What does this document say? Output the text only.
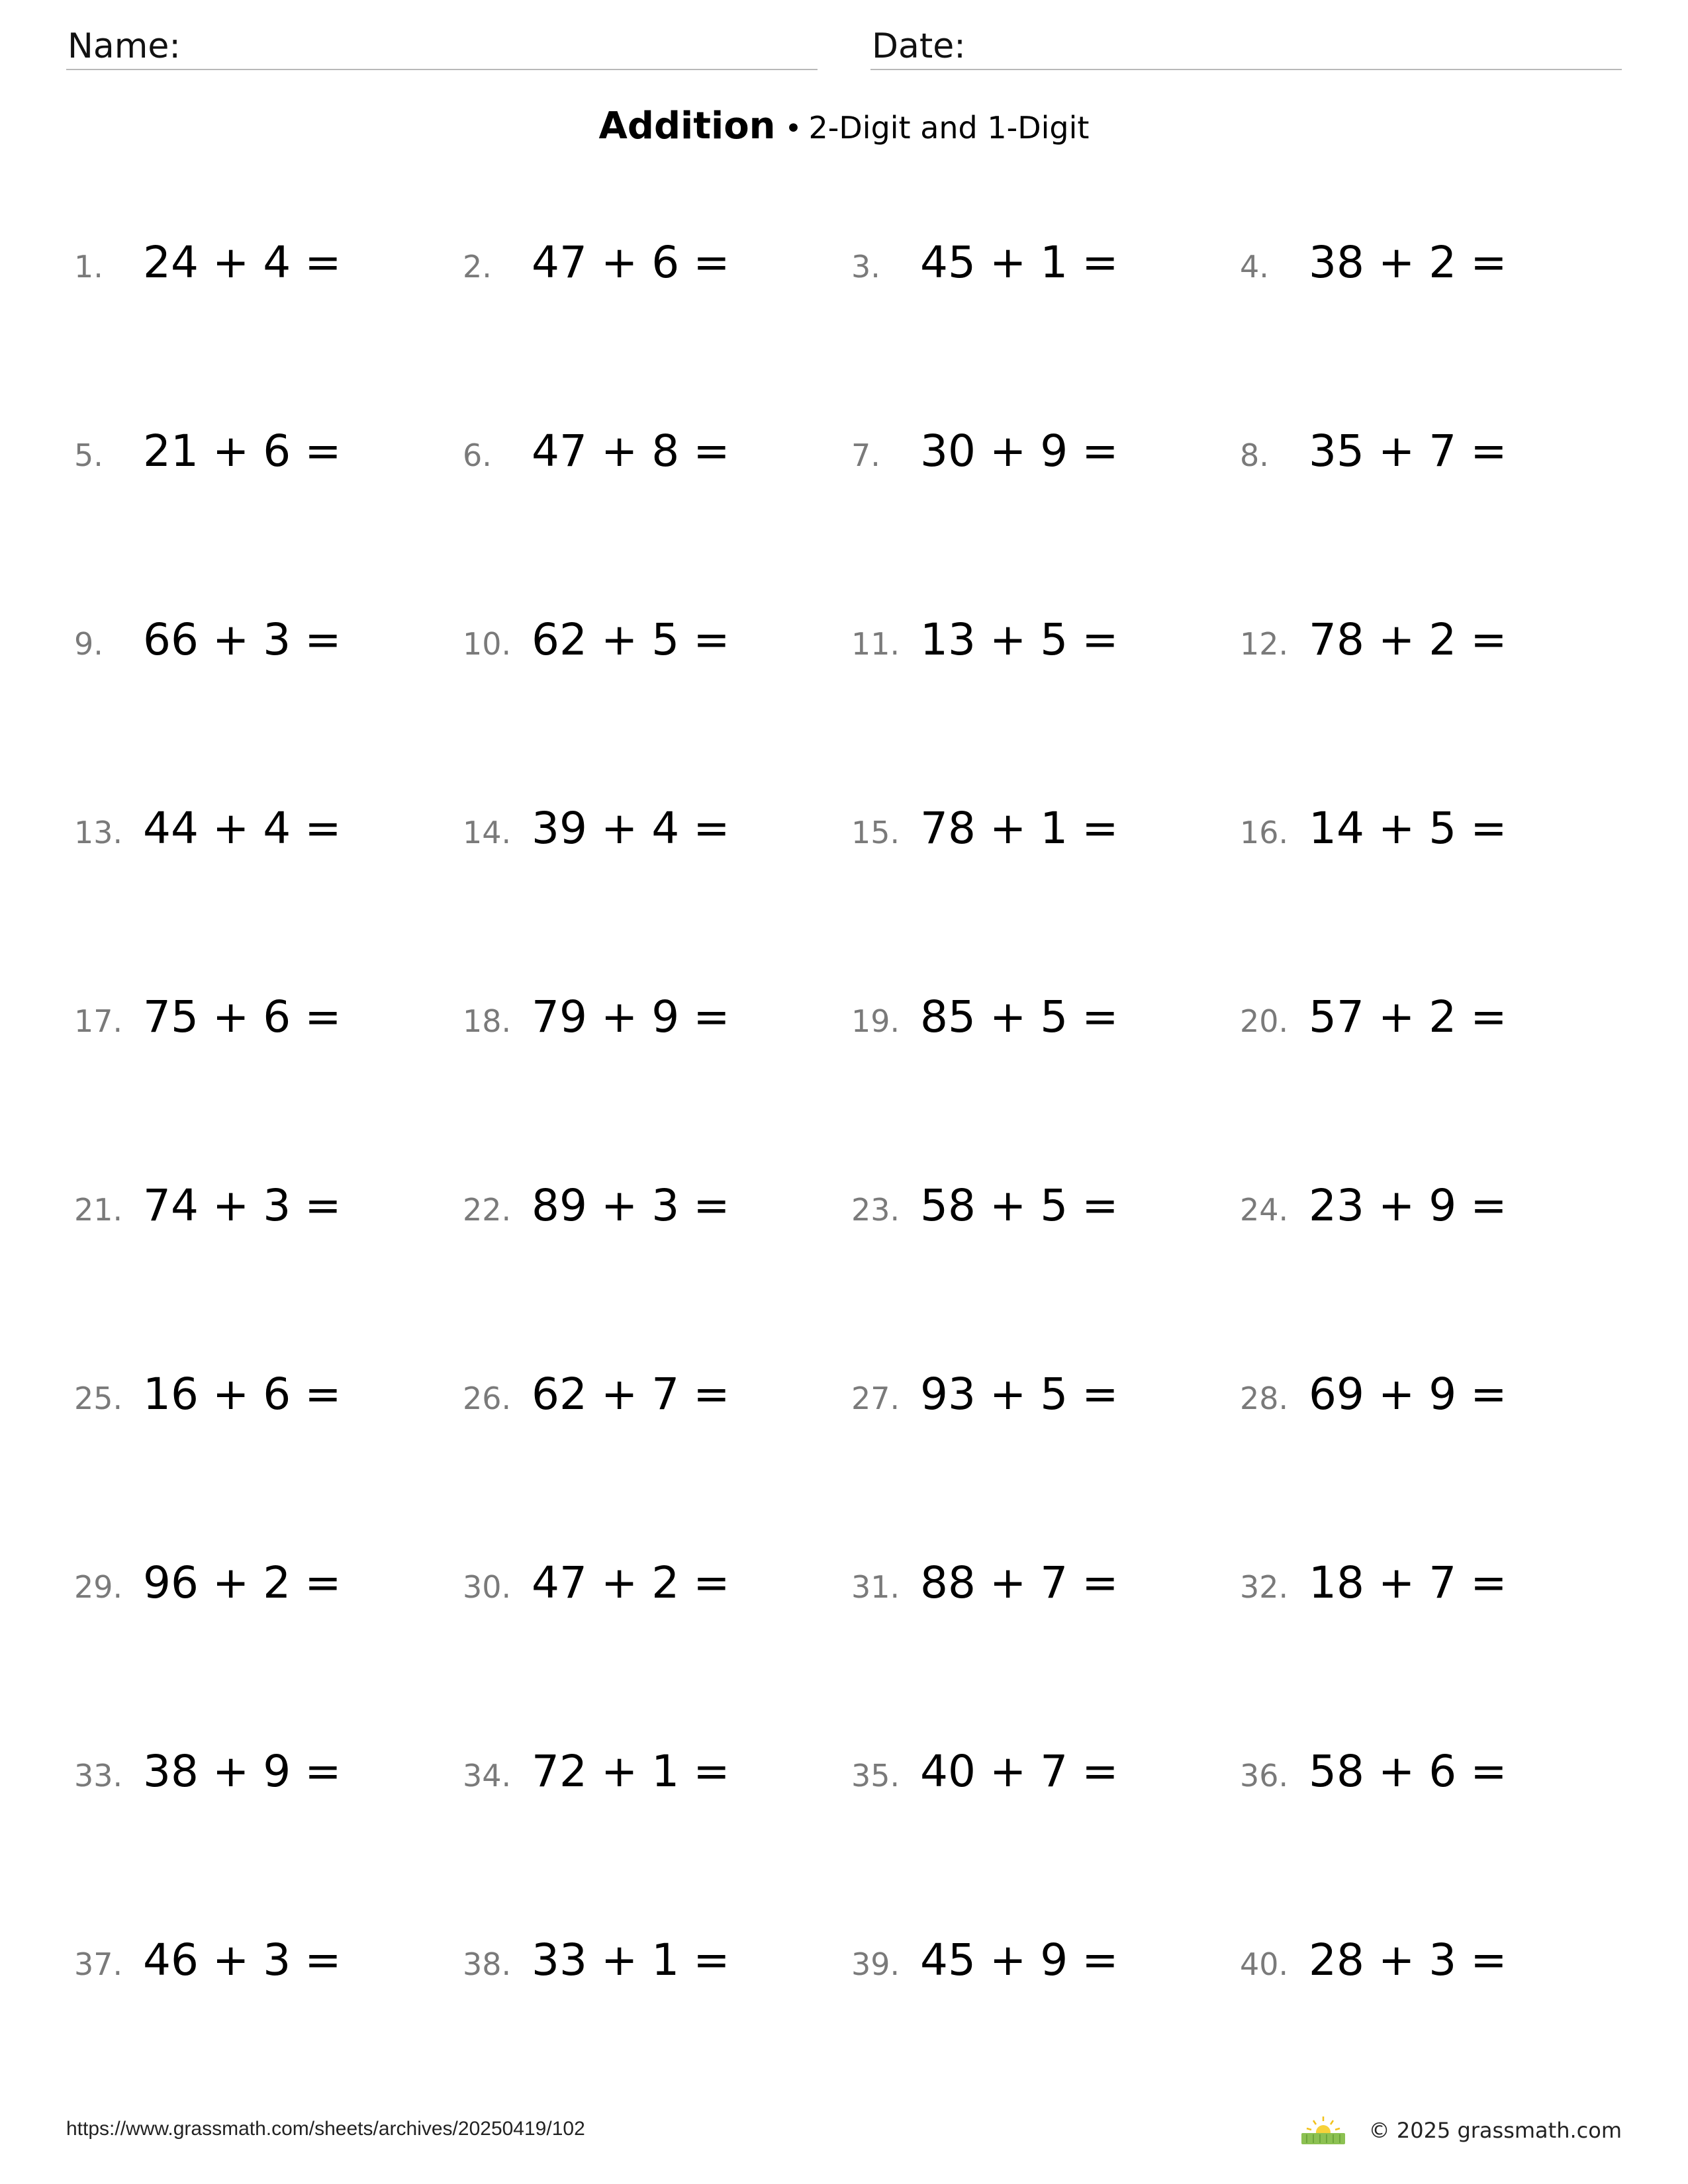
Name:	Date:
Addition • 2-Digit and 1-Digit
1. 24 + 4 =	2. 47 + 6 =	3. 45 + 1 =	4. 38 + 2 =
5. 21 + 6 =	6. 47 + 8 =	7. 30 + 9 =	8. 35 + 7 =
9. 66 + 3 =	10. 62 + 5 =	11. 13 + 5 =	12. 78 + 2 =
13. 44 + 4 =	14. 39 + 4 =	15. 78 + 1 =	16. 14 + 5 =
17. 75 + 6 =	18. 79 + 9 =	19. 85 + 5 =	20. 57 + 2 =
21. 74 + 3 =	22. 89 + 3 =	23. 58 + 5 =	24. 23 + 9 =
25. 16 + 6 =	26. 62 + 7 =	27. 93 + 5 =	28. 69 + 9 =
29. 96 + 2 =	30. 47 + 2 =	31. 88 + 7 =	32. 18 + 7 =
33. 38 + 9 =	34. 72 + 1 =	35. 40 + 7 =	36. 58 + 6 =
37. 46 + 3 =	38. 33 + 1 =	39. 45 + 9 =	40. 28 + 3 =
https://www.grassmath.com/sheets/archives/20250419/102	© 2025 grassmath.com
